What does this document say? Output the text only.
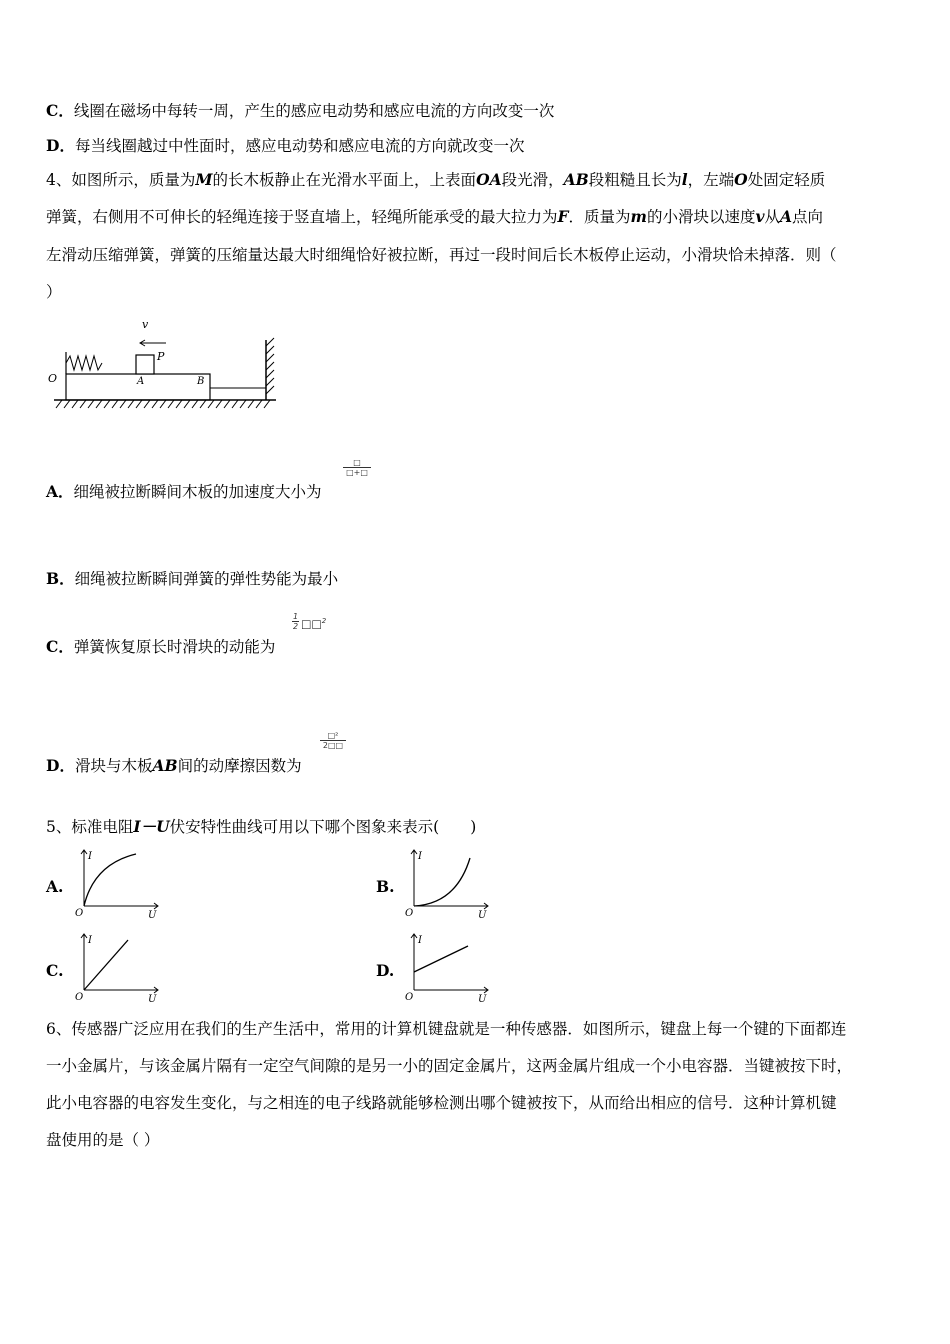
C．线圈在磁场中每转一周，产生的感应电动势和感应电流的方向改变一次
D．每当线圈越过中性面时，感应电动势和感应电流的方向就改变一次
4、如图所示，质量为M的长木板静止在光滑水平面上，上表面OA段光滑，AB段粗糙且长为l，左端O处固定轻质
弹簧，右侧用不可伸长的轻绳连接于竖直墙上，轻绳所能承受的最大拉力为F．质量为m的小滑块以速度v从A点向
左滑动压缩弹簧，弹簧的压缩量达最大时细绳恰好被拉断，再过一段时间后长木板停止运动，小滑块恰未掉落．则（
）
v
P
A	B
O
A．细绳被拉断瞬间木板的加速度大小为
□
□+□
B．细绳被拉断瞬间弹簧的弹性势能为最小
C．弹簧恢复原长时滑块的动能为
$\frac{1}{2}$ □□$^2$
D．滑块与木板AB间的动摩擦因数为
□²
2□□
5、标准电阻I－U伏安特性曲线可用以下哪个图象来表示(　　)
A.	B.
C.	D.
I
U
O
I
U
O
I
U
O
I
U
O
6、传感器广泛应用在我们的生产生活中，常用的计算机键盘就是一种传感器．如图所示，键盘上每一个键的下面都连
一小金属片，与该金属片隔有一定空气间隙的是另一小的固定金属片，这两金属片组成一个小电容器．当键被按下时，
此小电容器的电容发生变化，与之相连的电子线路就能够检测出哪个键被按下，从而给出相应的信号．这种计算机键
盘使用的是（ ）
